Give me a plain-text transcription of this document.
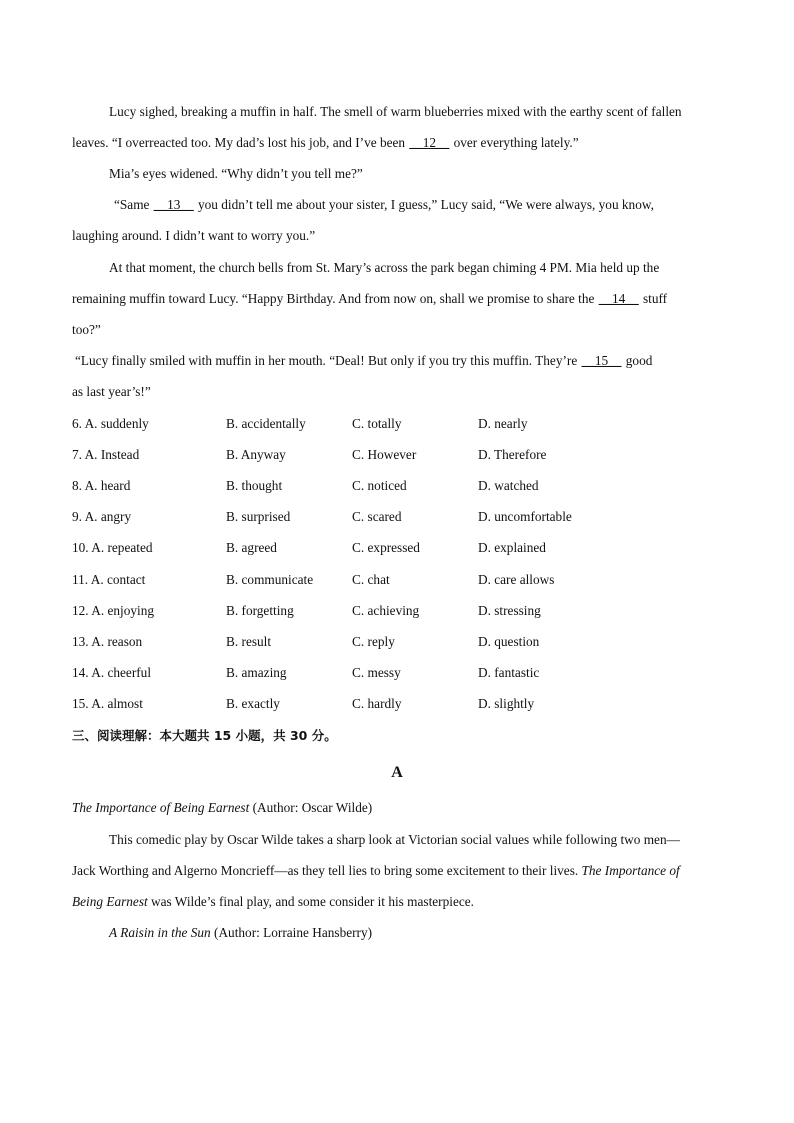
Lucy sighed, breaking a muffin in half. The smell of warm blueberries mixed with the earthy scent of fallen
leaves. “I overreacted too. My dad’s lost his job, and I’ve been __12__ over everything lately.”
Mia’s eyes widened. “Why didn’t you tell me?”
“Same __13__ you didn’t tell me about your sister, I guess,” Lucy said, “We were always, you know,
laughing around. I didn’t want to worry you.”
At that moment, the church bells from St. Mary’s across the park began chiming 4 PM. Mia held up the
remaining muffin toward Lucy. “Happy Birthday. And from now on, shall we promise to share the __14__ stuff
too?”
“Lucy finally smiled with muffin in her mouth. “Deal! But only if you try this muffin. They’re __15__ good
as last year’s!”
6. A. suddenly	B. accidentally	C. totally	D. nearly
7. A. Instead	B. Anyway	C. However	D. Therefore
8. A. heard	B. thought	C. noticed	D. watched
9. A. angry	B. surprised	C. scared	D. uncomfortable
10. A. repeated	B. agreed	C. expressed	D. explained
11. A. contact	B. communicate	C. chat	D. care allows
12. A. enjoying	B. forgetting	C. achieving	D. stressing
13. A. reason	B. result	C. reply	D. question
14. A. cheerful	B. amazing	C. messy	D. fantastic
15. A. almost	B. exactly	C. hardly	D. slightly
三、阅读理解：本大题共 15 小题，共 30 分。
A
The Importance of Being Earnest (Author: Oscar Wilde)
This comedic play by Oscar Wilde takes a sharp look at Victorian social values while following two men—
Jack Worthing and Algerno Moncrieff—as they tell lies to bring some excitement to their lives. The Importance of
Being Earnest was Wilde’s final play, and some consider it his masterpiece.
A Raisin in the Sun (Author: Lorraine Hansberry)
